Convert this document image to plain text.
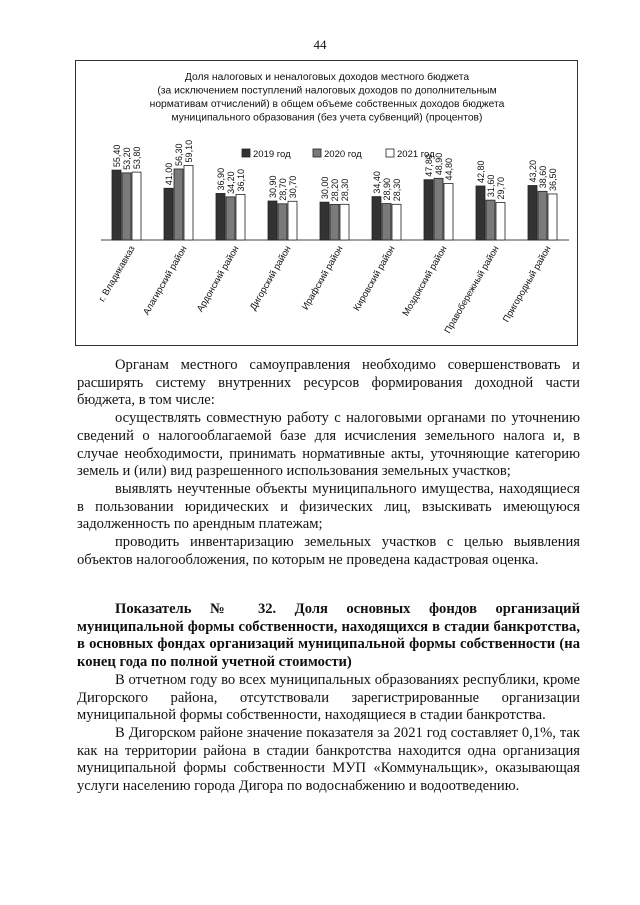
44
Доля налоговых и неналоговых доходов местного бюджета
(за исключением поступлений налоговых доходов по дополнительным
нормативам отчислений) в общем объеме собственных доходов бюджета
муниципального образования (без учета субвенций) (процентов)
2019 год	2020 год	2021 год
55,40 53,20 53,80
г. Владикавказ
41,00
56,30 59,10
Алагирский район
36,90 34,20 36,10
Ардонский район
30,90 28,70 30,70
Дигорский район
30,00 28,20 28,30
Ирафский район
34,40 28,90 28,30
Кировский район
47,80 48,90 44,80
Моздокский район
42,80
31,60 29,70
Правобережный район
43,20 38,60 36,50
Пригородный район

Органам местного самоуправления необходимо совершенствовать и расширять систему внутренних ресурсов формирования доходной части бюджета, в том числе:

осуществлять совместную работу с налоговыми органами по уточнению сведений о налогооблагаемой базе для исчисления земельного налога и, в случае необходимости, принимать нормативные акты, уточняющие категорию земель и (или) вид разрешенного использования земельных участков;

выявлять неучтенные объекты муниципального имущества, находящиеся в пользовании юридических и физических лиц, взыскивать имеющуюся задолженность по арендным платежам;

проводить инвентаризацию земельных участков с целью выявления объектов налогообложения, по которым не проведена кадастровая оценка.

Показатель № 32. Доля основных фондов организаций муниципальной формы собственности, находящихся в стадии банкротства, в основных фондах организаций муниципальной формы собственности (на конец года по полной учетной стоимости)

В отчетном году во всех муниципальных образованиях республики, кроме Дигорского района, отсутствовали зарегистрированные организации муниципальной формы собственности, находящиеся в стадии банкротства.

В Дигорском районе значение показателя за 2021 год составляет 0,1%, так как на территории района в стадии банкротства находится одна организация муниципальной формы собственности МУП «Коммунальщик», оказывающая услуги населению города Дигора по водоснабжению и водоотведению.
